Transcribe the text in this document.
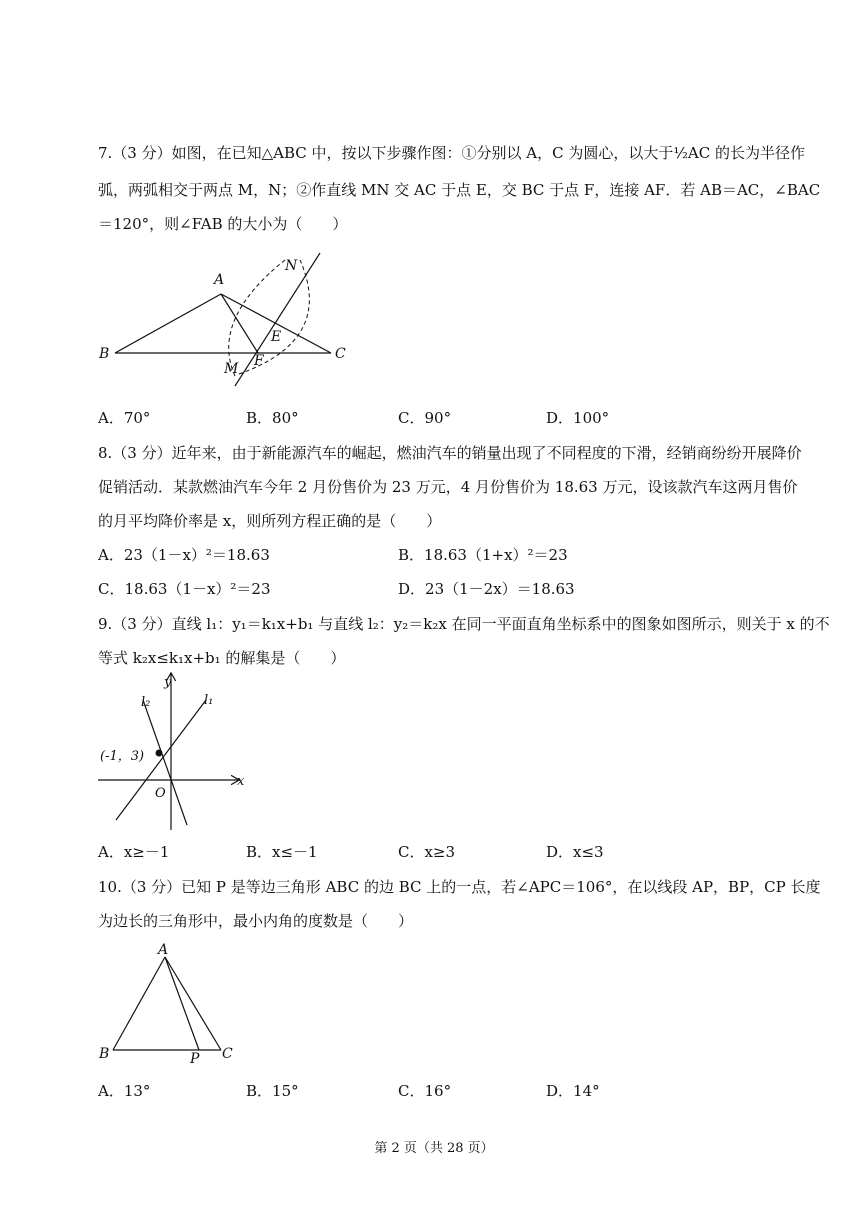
7.（3 分）如图，在已知△ABC 中，按以下步骤作图：①分别以 A，C 为圆心，以大于½AC 的长为半径作
弧，两弧相交于两点 M，N；②作直线 MN 交 AC 于点 E，交 BC 于点 F，连接 AF．若 AB＝AC，∠BAC
＝120°，则∠FAB 的大小为（　　）
A
B	C
E
F
M
N
A．70°	B．80°	C．90°	D．100°
8.（3 分）近年来，由于新能源汽车的崛起，燃油汽车的销量出现了不同程度的下滑，经销商纷纷开展降价
促销活动．某款燃油汽车今年 2 月份售价为 23 万元，4 月份售价为 18.63 万元，设该款汽车这两月售价
的月平均降价率是 x，则所列方程正确的是（　　）
A．23（1－x）²＝18.63	B．18.63（1+x）²＝23
C．18.63（1－x）²＝23	D．23（1－2x）＝18.63
9.（3 分）直线 l₁：y₁＝k₁x+b₁ 与直线 l₂：y₂＝k₂x 在同一平面直角坐标系中的图象如图所示，则关于 x 的不
等式 k₂x≤k₁x+b₁ 的解集是（　　）
y
x
O
l₂	l₁
(-1，3)
A．x≥－1	B．x≤－1	C．x≥3	D．x≤3
10.（3 分）已知 P 是等边三角形 ABC 的边 BC 上的一点，若∠APC＝106°，在以线段 AP，BP，CP 长度
为边长的三角形中，最小内角的度数是（　　）
A
B	C
P
A．13°	B．15°	C．16°	D．14°
第 2 页（共 28 页）
